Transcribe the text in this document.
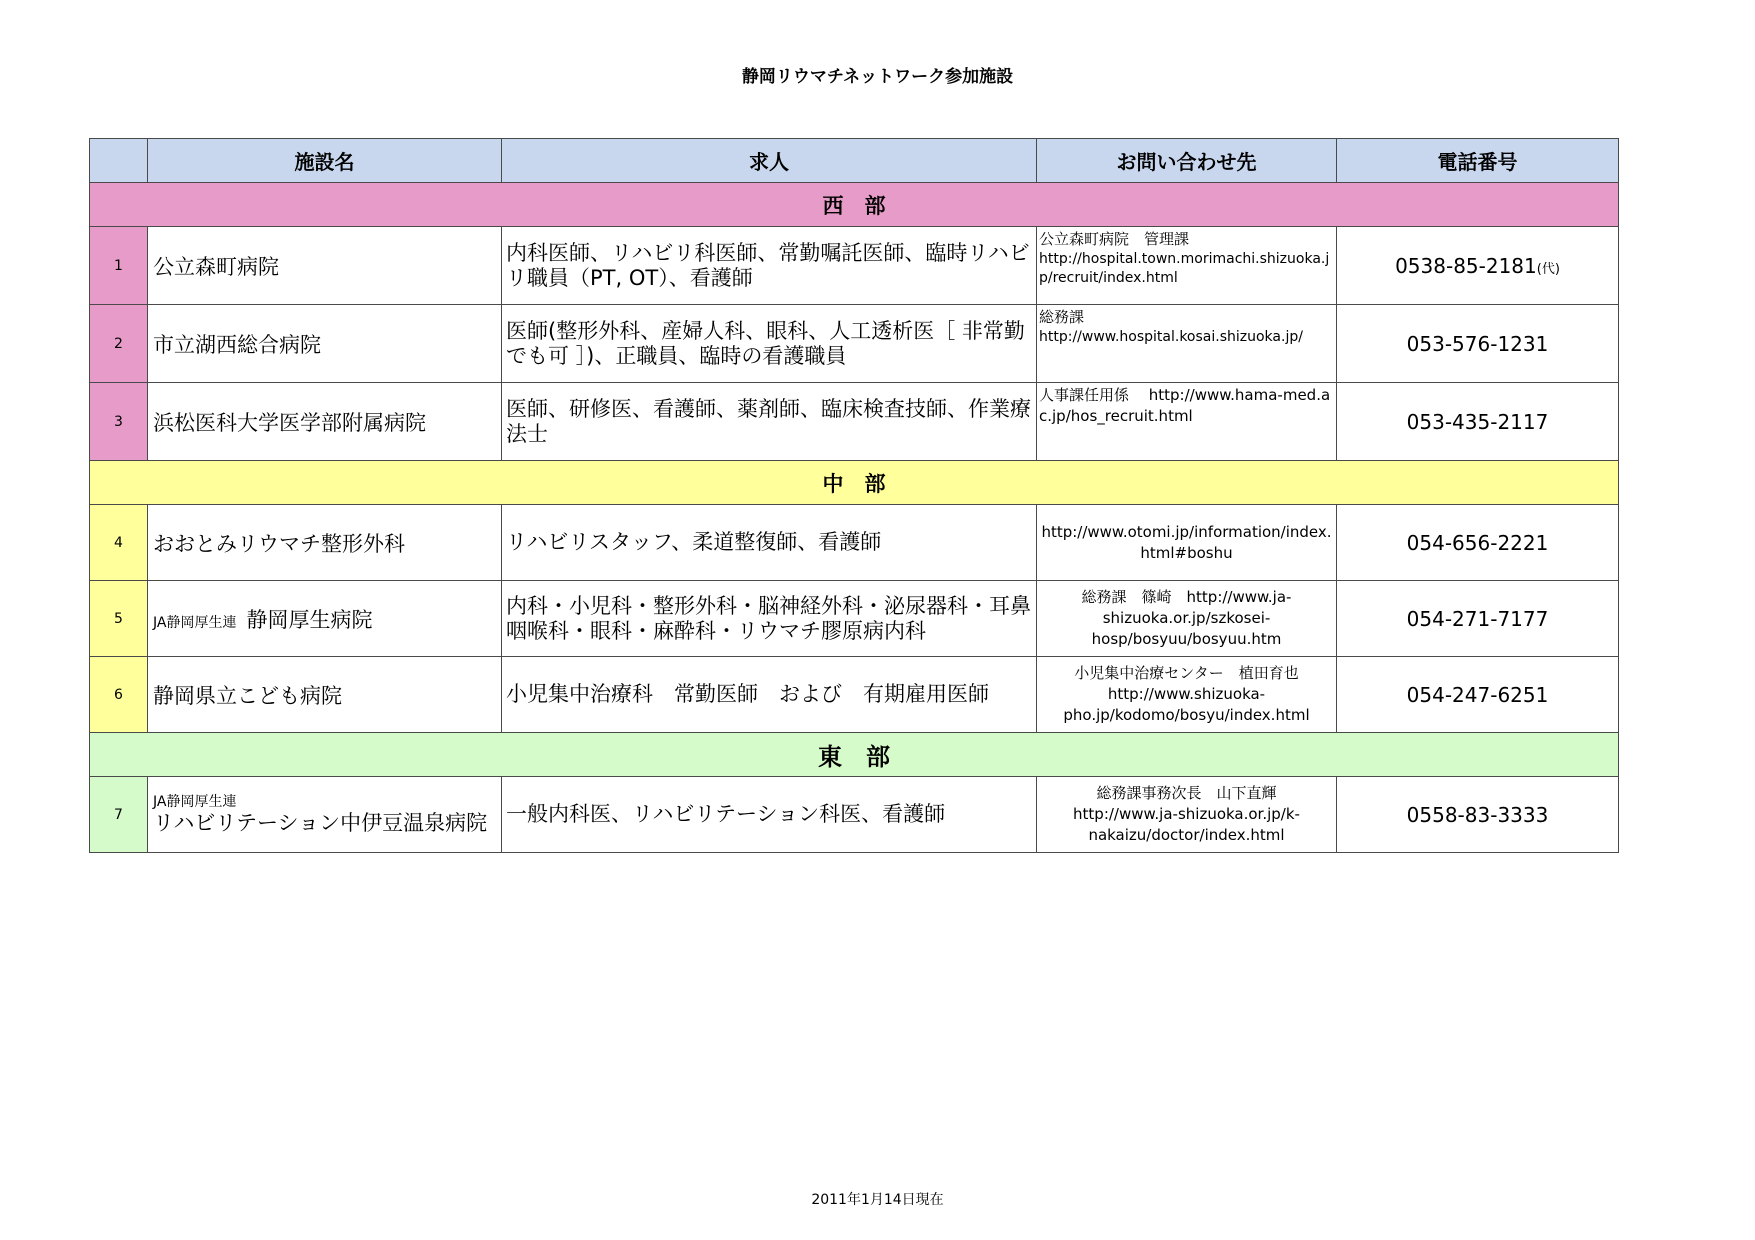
静岡リウマチネットワーク参加施設
	施設名	求人	お問い合わせ先	電話番号
西　部				
1	公立森町病院	内科医師、リハビリ科医師、常勤嘱託医師、臨時リハビリ職員（PT, OT）、看護師	公立森町病院　管理課
http://hospital.town.morimachi.shizuoka.jp/recruit/index.html	0538-85-2181(代)
2	市立湖西総合病院	医師(整形外科、産婦人科、眼科、人工透析医［ 非常勤でも可 ］)、正職員、臨時の看護職員	総務課
http://www.hospital.kosai.shizuoka.jp/	053-576-1231
3	浜松医科大学医学部附属病院	医師、研修医、看護師、薬剤師、臨床検査技師、作業療法士	人事課任用係　 http://www.hama-med.ac.jp/hos_recruit.html	053-435-2117
中　部				
4	おおとみリウマチ整形外科	リハビリスタッフ、柔道整復師、看護師	http://www.otomi.jp/information/index.html#boshu	054-656-2221
5	JA静岡厚生連 静岡厚生病院	内科・小児科・整形外科・脳神経外科・泌尿器科・耳鼻咽喉科・眼科・麻酔科・リウマチ膠原病内科	総務課　篠崎　http://www.ja-shizuoka.or.jp/szkosei-hosp/bosyuu/bosyuu.htm	054-271-7177
6	静岡県立こども病院	小児集中治療科　常勤医師　および　有期雇用医師	小児集中治療センター　植田育也
http://www.shizuoka-pho.jp/kodomo/bosyu/index.html	054-247-6251
東　部				
7	JA静岡厚生連
リハビリテーション中伊豆温泉病院	一般内科医、リハビリテーション科医、看護師	総務課事務次長　山下直輝
http://www.ja-shizuoka.or.jp/k-nakaizu/doctor/index.html	0558-83-3333
2011年1月14日現在
